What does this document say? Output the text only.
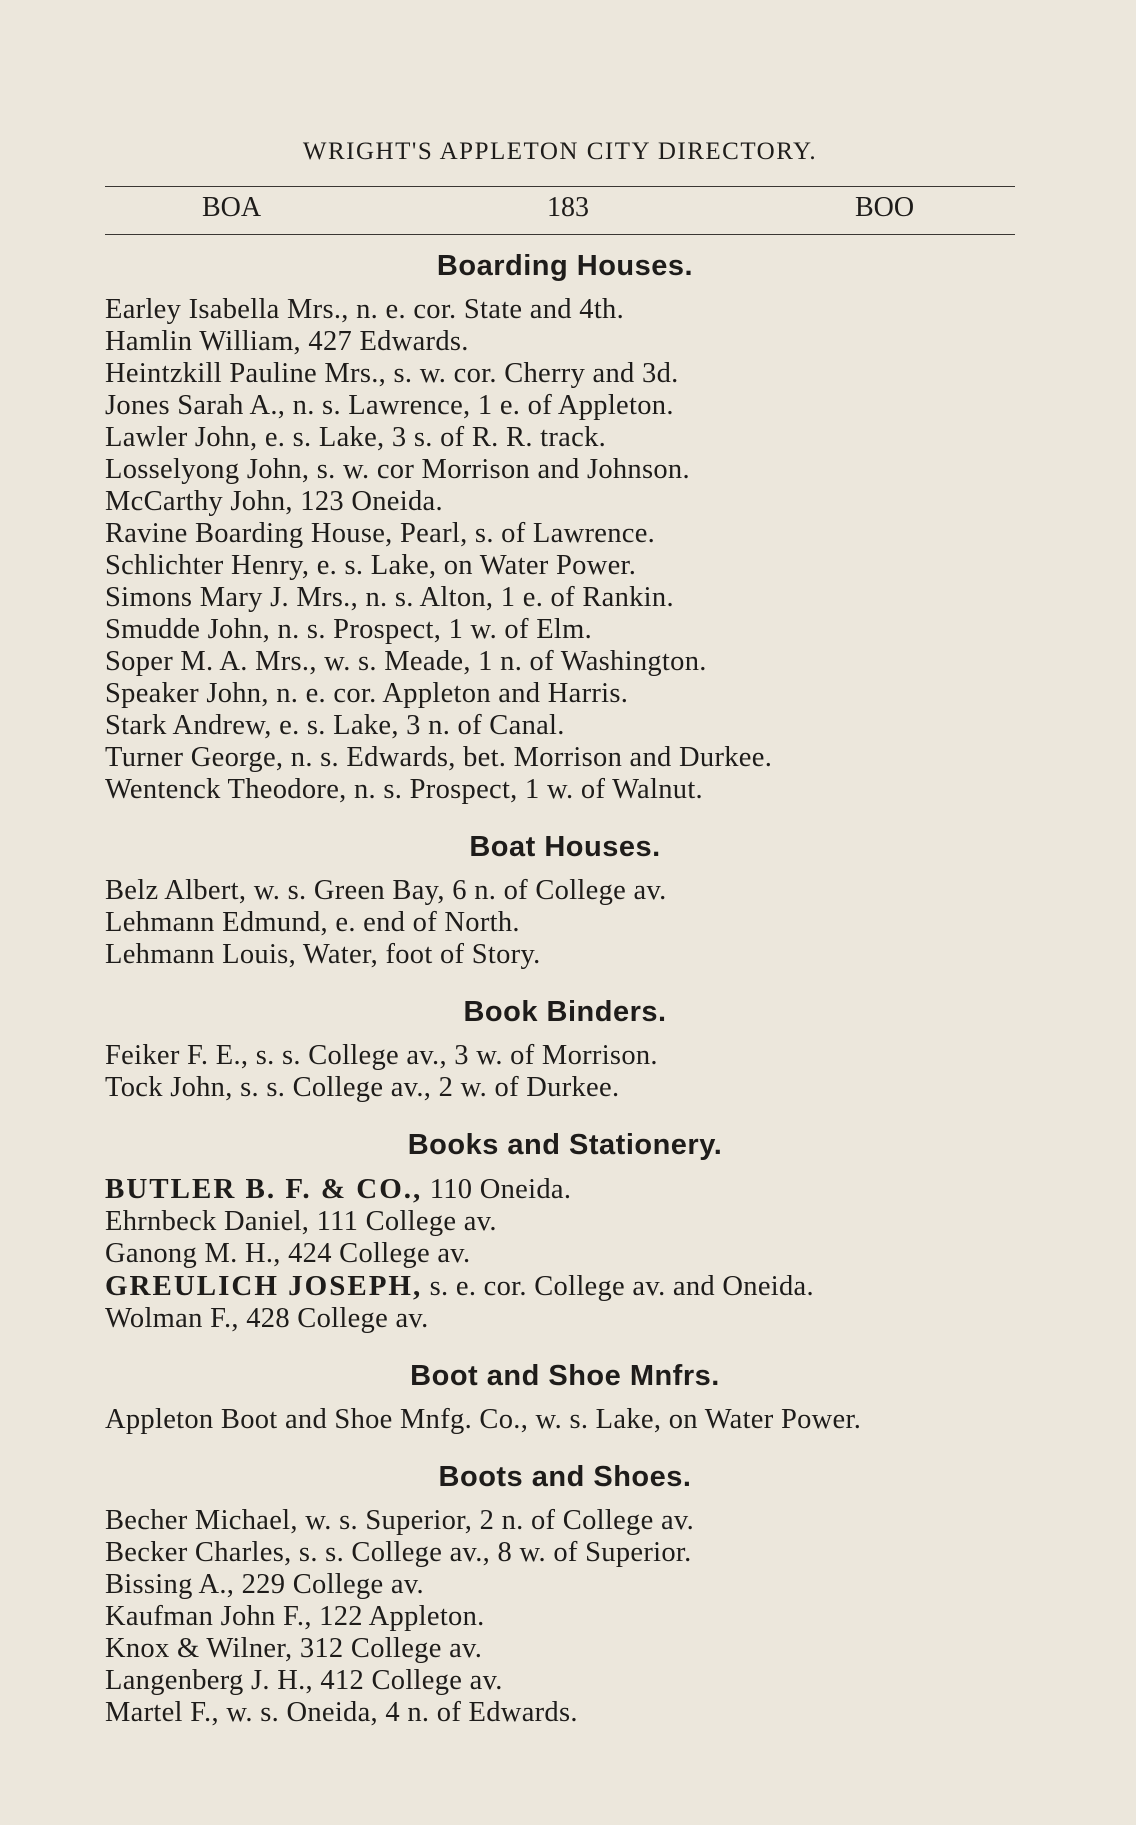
WRIGHT'S APPLETON CITY DIRECTORY.
BOA	183	BOO
Boarding Houses.
Earley Isabella Mrs., n. e. cor. State and 4th.
Hamlin William, 427 Edwards.
Heintzkill Pauline Mrs., s. w. cor. Cherry and 3d.
Jones Sarah A., n. s. Lawrence, 1 e. of Appleton.
Lawler John, e. s. Lake, 3 s. of R. R. track.
Losselyong John, s. w. cor Morrison and Johnson.
McCarthy John, 123 Oneida.
Ravine Boarding House, Pearl, s. of Lawrence.
Schlichter Henry, e. s. Lake, on Water Power.
Simons Mary J. Mrs., n. s. Alton, 1 e. of Rankin.
Smudde John, n. s. Prospect, 1 w. of Elm.
Soper M. A. Mrs., w. s. Meade, 1 n. of Washington.
Speaker John, n. e. cor. Appleton and Harris.
Stark Andrew, e. s. Lake, 3 n. of Canal.
Turner George, n. s. Edwards, bet. Morrison and Durkee.
Wentenck Theodore, n. s. Prospect, 1 w. of Walnut.
Boat Houses.
Belz Albert, w. s. Green Bay, 6 n. of College av.
Lehmann Edmund, e. end of North.
Lehmann Louis, Water, foot of Story.
Book Binders.
Feiker F. E., s. s. College av., 3 w. of Morrison.
Tock John, s. s. College av., 2 w. of Durkee.
Books and Stationery.
BUTLER B. F. & CO., 110 Oneida.
Ehrnbeck Daniel, 111 College av.
Ganong M. H., 424 College av.
GREULICH JOSEPH, s. e. cor. College av. and Oneida.
Wolman F., 428 College av.
Boot and Shoe Mnfrs.
Appleton Boot and Shoe Mnfg. Co., w. s. Lake, on Water Power.
Boots and Shoes.
Becher Michael, w. s. Superior, 2 n. of College av.
Becker Charles, s. s. College av., 8 w. of Superior.
Bissing A., 229 College av.
Kaufman John F., 122 Appleton.
Knox & Wilner, 312 College av.
Langenberg J. H., 412 College av.
Martel F., w. s. Oneida, 4 n. of Edwards.
